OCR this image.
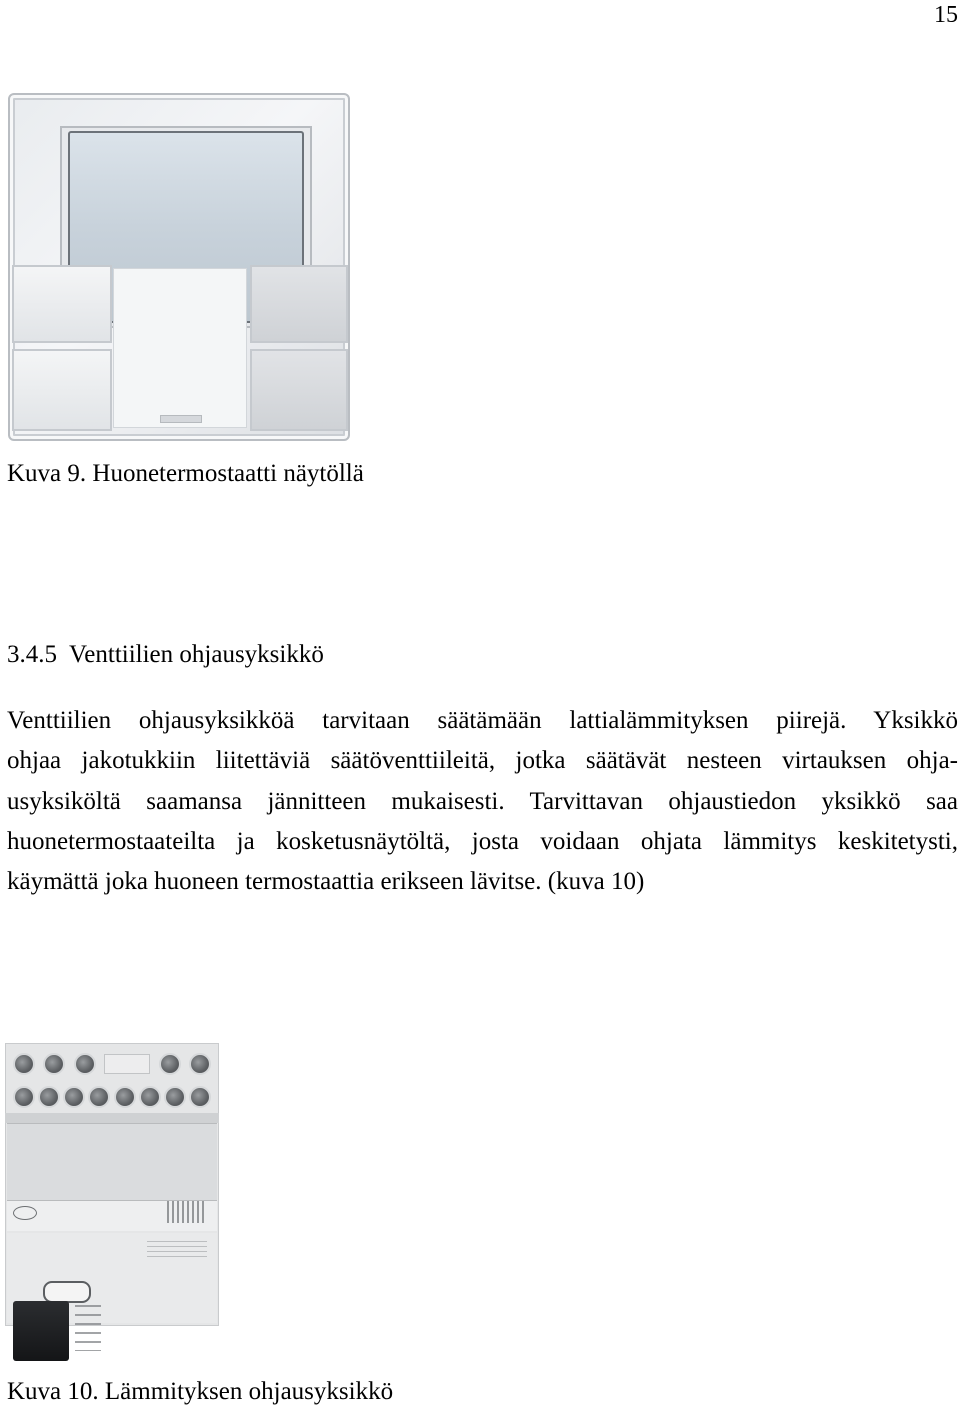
15
Kuva 9. Huonetermostaatti näytöllä
3.4.5 Venttiilien ohjausyksikkö
Venttiilien ohjausyksikköä tarvitaan säätämään lattialämmityksen piirejä. Yksikkö
ohjaa jakotukkiin liitettäviä säätöventtiileitä, jotka säätävät nesteen virtauksen ohja-
usyksiköltä saamansa jännitteen mukaisesti. Tarvittavan ohjaustiedon yksikkö saa
huonetermostaateilta ja kosketusnäytöltä, josta voidaan ohjata lämmitys keskitetysti,
käymättä joka huoneen termostaattia erikseen lävitse. (kuva 10)
Kuva 10. Lämmityksen ohjausyksikkö
